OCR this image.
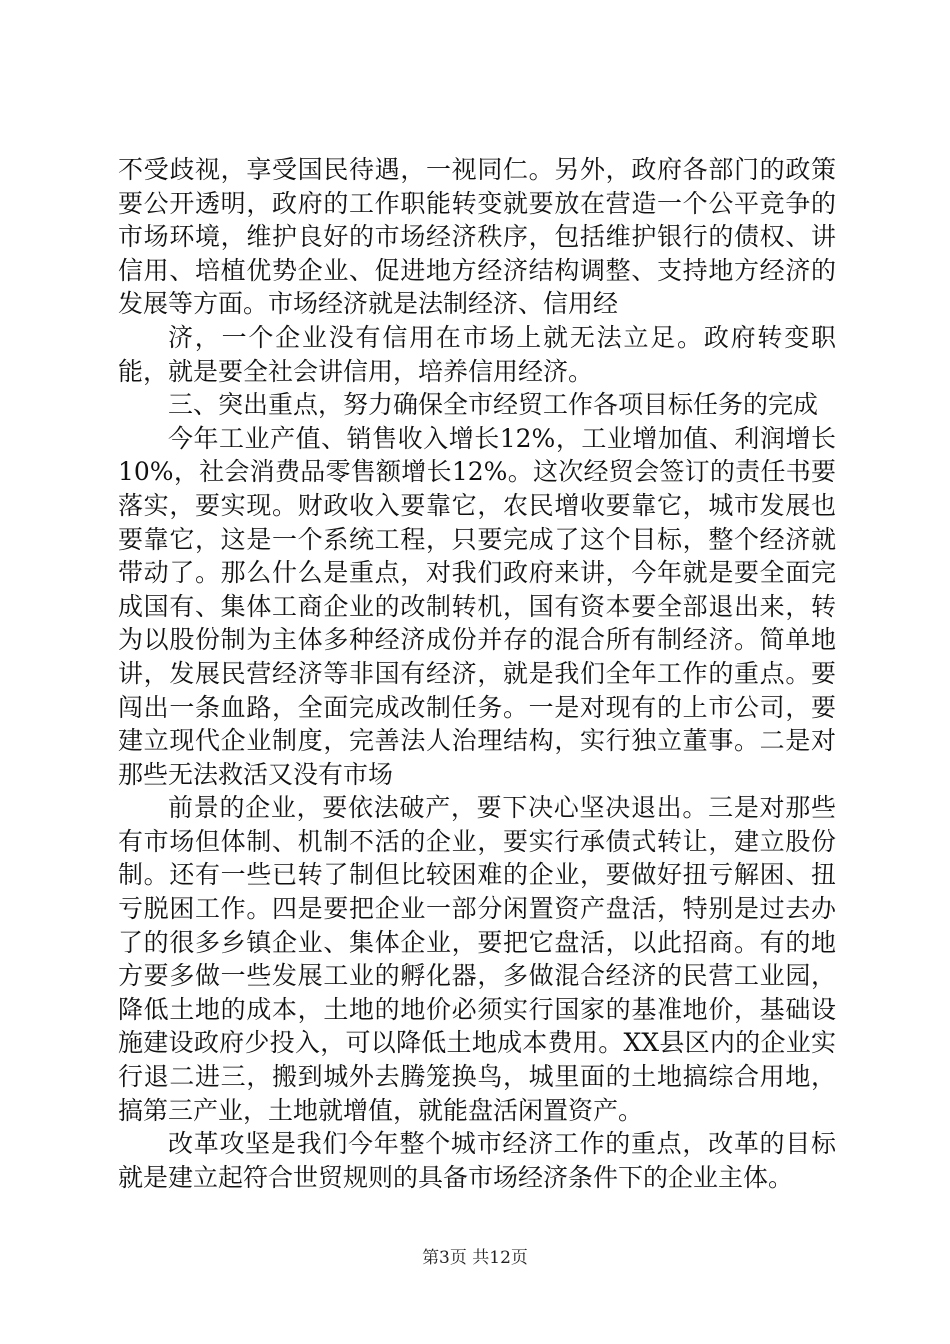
不受歧视，享受国民待遇，一视同仁。另外，政府各部门的政策要公开透明，政府的工作职能转变就要放在营造一个公平竞争的市场环境，维护良好的市场经济秩序，包括维护银行的债权、讲信用、培植优势企业、促进地方经济结构调整、支持地方经济的发展等方面。市场经济就是法制经济、信用经

济，一个企业没有信用在市场上就无法立足。政府转变职能，就是要全社会讲信用，培养信用经济。

三、突出重点，努力确保全市经贸工作各项目标任务的完成

今年工业产值、销售收入增长12%，工业增加值、利润增长10%，社会消费品零售额增长12%。这次经贸会签订的责任书要落实，要实现。财政收入要靠它，农民增收要靠它，城市发展也要靠它，这是一个系统工程，只要完成了这个目标，整个经济就带动了。那么什么是重点，对我们政府来讲，今年就是要全面完成国有、集体工商企业的改制转机，国有资本要全部退出来，转为以股份制为主体多种经济成份并存的混合所有制经济。简单地讲，发展民营经济等非国有经济，就是我们全年工作的重点。要闯出一条血路，全面完成改制任务。一是对现有的上市公司，要建立现代企业制度，完善法人治理结构，实行独立董事。二是对那些无法救活又没有市场

前景的企业，要依法破产，要下决心坚决退出。三是对那些有市场但体制、机制不活的企业，要实行承债式转让，建立股份制。还有一些已转了制但比较困难的企业，要做好扭亏解困、扭亏脱困工作。四是要把企业一部分闲置资产盘活，特别是过去办了的很多乡镇企业、集体企业，要把它盘活，以此招商。有的地方要多做一些发展工业的孵化器，多做混合经济的民营工业园，降低土地的成本，土地的地价必须实行国家的基准地价，基础设施建设政府少投入，可以降低土地成本费用。XX县区内的企业实行退二进三，搬到城外去腾笼换鸟，城里面的土地搞综合用地，搞第三产业，土地就增值，就能盘活闲置资产。

改革攻坚是我们今年整个城市经济工作的重点，改革的目标就是建立起符合世贸规则的具备市场经济条件下的企业主体。

第3页 共12页
